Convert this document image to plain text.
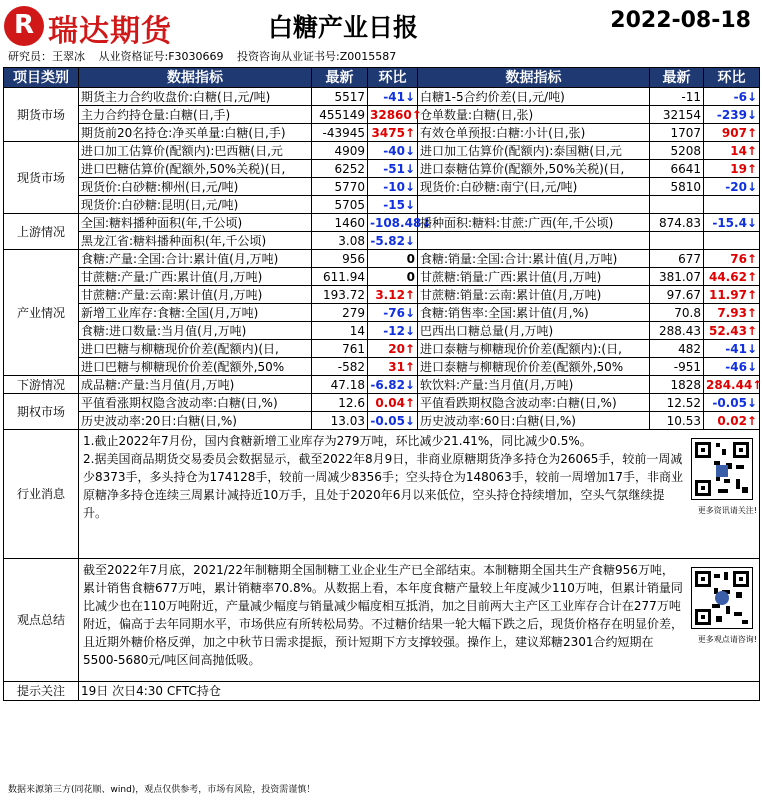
R 瑞达期货	白糖产业日报	2022-08-18
研究员：王翠冰 从业资格证号:F3030669 投资咨询从业证书号:Z0015587
项目类别	数据指标	最新	环比	数据指标	最新	环比
期货市场	期货主力合约收盘价:白糖(日,元/吨)	5517	-41↓	白糖1-5合约价差(日,元/吨)	-11	-6↓
	主力合约持仓量:白糖(日,手)	455149	32860↑	仓单数量:白糖(日,张)	32154	-239↓
	期货前20名持仓:净买单量:白糖(日,手)	-43945	3475↑	有效仓单预报:白糖:小计(日,张)	1707	907↑
现货市场	进口加工估算价(配额内):巴西糖(日,元	4909	-40↓	进口加工估算价(配额内):泰国糖(日,元	5208	14↑
	进口巴糖估算价(配额外,50%关税)(日,	6252	-51↓	进口泰糖估算价(配额外,50%关税)(日,	6641	19↑
	现货价:白砂糖:柳州(日,元/吨)	5770	-10↓	现货价:白砂糖:南宁(日,元/吨)	5810	-20↓
	现货价:白砂糖:昆明(日,元/吨)	5705	-15↓			
上游情况	全国:糖料播种面积(年,千公顷)	1460	-108.48↓	播种面积:糖料:甘蔗:广西(年,千公顷)	874.83	-15.4↓
	黑龙江省:糖料播种面积(年,千公顷)	3.08	-5.82↓			
产业情况	食糖:产量:全国:合计:累计值(月,万吨)	956	0	食糖:销量:全国:合计:累计值(月,万吨)	677	76↑
	甘蔗糖:产量:广西:累计值(月,万吨)	611.94	0	甘蔗糖:销量:广西:累计值(月,万吨)	381.07	44.62↑
	甘蔗糖:产量:云南:累计值(月,万吨)	193.72	3.12↑	甘蔗糖:销量:云南:累计值(月,万吨)	97.67	11.97↑
	新增工业库存:食糖:全国(月,万吨)	279	-76↓	食糖:销售率:全国:累计值(月,%)	70.8	7.93↑
	食糖:进口数量:当月值(月,万吨)	14	-12↓	巴西出口糖总量(月,万吨)	288.43	52.43↑
	进口巴糖与柳糖现价价差(配额内)(日,	761	20↑	进口泰糖与柳糖现价价差(配额内):(日,	482	-41↓
	进口巴糖与柳糖现价价差(配额外,50%	-582	31↑	进口泰糖与柳糖现价价差(配额外,50%	-951	-46↓
下游情况	成品糖:产量:当月值(月,万吨)	47.18	-6.82↓	软饮料:产量:当月值(月,万吨)	1828	284.44↑
期权市场	平值看涨期权隐含波动率:白糖(日,%)	12.6	0.04↑	平值看跌期权隐含波动率:白糖(日,%)	12.52	-0.05↓
	历史波动率:20日:白糖(日,%)	13.03	-0.05↓	历史波动率:60日:白糖(日,%)	10.53	0.02↑
行业消息	1.截止2022年7月份，国内食糖新增工业库存为279万吨，环比减少21.41%，同比减少0.5%。
2.据美国商品期货交易委员会数据显示，截至2022年8月9日，非商业原糖期货净多持仓为26065手，较前一周减少8373手，多头持仓为174128手，较前一周减少8356手；空头持仓为148063手，较前一周增加17手，非商业原糖净多持仓连续三周累计减持近10万手，且处于2020年6月以来低位，空头持仓持续增加，空头气氛继续提升。 更多资讯请关注!					

观点总结	截至2022年7月底，2021/22年制糖期全国制糖工业企业生产已全部结束。本制糖期全国共生产食糖956万吨，累计销售食糖677万吨，累计销糖率70.8%。从数据上看，本年度食糖产量较上年度减少110万吨，但累计销量同比减少也在110万吨附近，产量减少幅度与销量减少幅度相互抵消，加之目前两大主产区工业库存合计在277万吨附近，偏高于去年同期水平，市场供应有所转松局势。不过糖价结果一轮大幅下跌之后，现货价格存在明显价差，且近期外糖价格反弹，加之中秋节日需求提振，预计短期下方支撑较强。操作上，建议郑糖2301合约短期在5500-5680元/吨区间高抛低吸。
更多观点请咨询!					

提示关注	19日 次日4:30 CFTC持仓					
数据来源第三方(同花顺、wind)，观点仅供参考，市场有风险，投资需谨慎！
